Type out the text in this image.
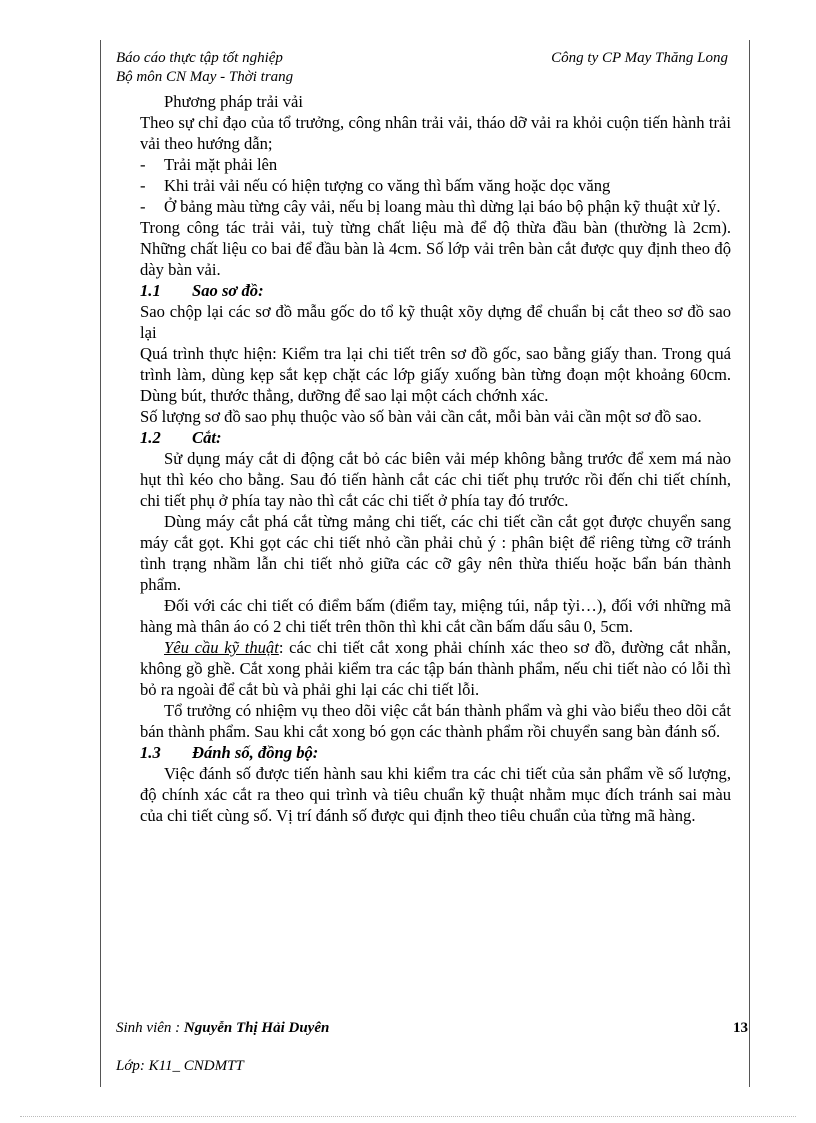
Báo cáo thực tập tốt nghiệp	Công ty CP May Thăng Long
Bộ môn CN May - Thời trang

Phương pháp trải vải

Theo sự chỉ đạo của tổ trưởng, công nhân trải vải, tháo dỡ vải ra khỏi cuộn tiến hành trải vải theo hướng dẫn;

-	Trải mặt phải lên
-	Khi trải vải nếu có hiện tượng co văng thì bấm văng hoặc dọc văng
-	Ở bảng màu từng cây vải, nếu bị loang màu thì dừng lại báo bộ phận kỹ thuật xử lý.

Trong công tác trải vải, tuỳ từng chất liệu mà để độ thừa đầu bàn (thường là 2cm). Những chất liệu co bai để đầu bàn là 4cm. Số lớp vải trên bàn cắt được quy định theo độ dày bàn vải.

1.1	Sao sơ đồ:

Sao chộp lại các sơ đồ mẫu gốc do tổ kỹ thuật xõy dựng để chuẩn bị cắt theo sơ đồ sao lại

Quá trình thực hiện: Kiểm tra lại chi tiết trên sơ đồ gốc, sao bằng giấy than. Trong quá trình làm, dùng kẹp sắt kẹp chặt các lớp giấy xuống bàn từng đoạn một khoảng 60cm. Dùng bút, thước thẳng, dưỡng để sao lại một cách chớnh xác.

Số lượng sơ đồ sao phụ thuộc vào số bàn vải cần cắt, mỗi bàn vải cần một sơ đồ sao.

1.2	Cắt:

Sử dụng máy cắt di động cắt bỏ các biên vải mép không bằng trước để xem má nào hụt thì kéo cho bằng. Sau đó tiến hành cắt các chi tiết phụ trước rồi đến chi tiết chính, chi tiết phụ ở phía tay nào thì cắt các chi tiết ở phía tay đó trước.

Dùng máy cắt phá cắt từng mảng chi tiết, các chi tiết cần cắt gọt được chuyển sang máy cắt gọt. Khi gọt các chi tiết nhỏ cần phải chủ ý : phân biệt để riêng từng cỡ tránh tình trạng nhầm lẫn chi tiết nhỏ giữa các cỡ gây nên thừa thiếu hoặc bẩn bán thành phẩm.

Đối với các chi tiết có điểm bấm (điểm tay, miệng túi, nắp tỳi…), đối với những mã hàng mà thân áo có 2 chi tiết trên thõn thì khi cắt cần bấm dấu sâu 0, 5cm.

Yêu cầu kỹ thuật: các chi tiết cắt xong phải chính xác theo sơ đồ, đường cắt nhẵn, không gồ ghề. Cắt xong phải kiểm tra các tập bán thành phẩm, nếu chi tiết nào có lỗi thì bỏ ra ngoài để cắt bù và phải ghi lại các chi tiết lỗi.

Tổ trưởng có nhiệm vụ theo dõi việc cắt bán thành phẩm và ghi vào biểu theo dõi cắt bán thành phẩm. Sau khi cắt xong bó gọn các thành phẩm rồi chuyển sang bàn đánh số.

1.3	Đánh số, đồng bộ:

Việc đánh số được tiến hành sau khi kiểm tra các chi tiết của sản phẩm về số lượng, độ chính xác cắt ra theo qui trình và tiêu chuẩn kỹ thuật nhằm mục đích tránh sai màu của chi tiết cùng số. Vị trí đánh số được qui định theo tiêu chuẩn của từng mã hàng.

Sinh viên : Nguyễn Thị Hải Duyên	13
Lớp: K11_ CNDMTT
